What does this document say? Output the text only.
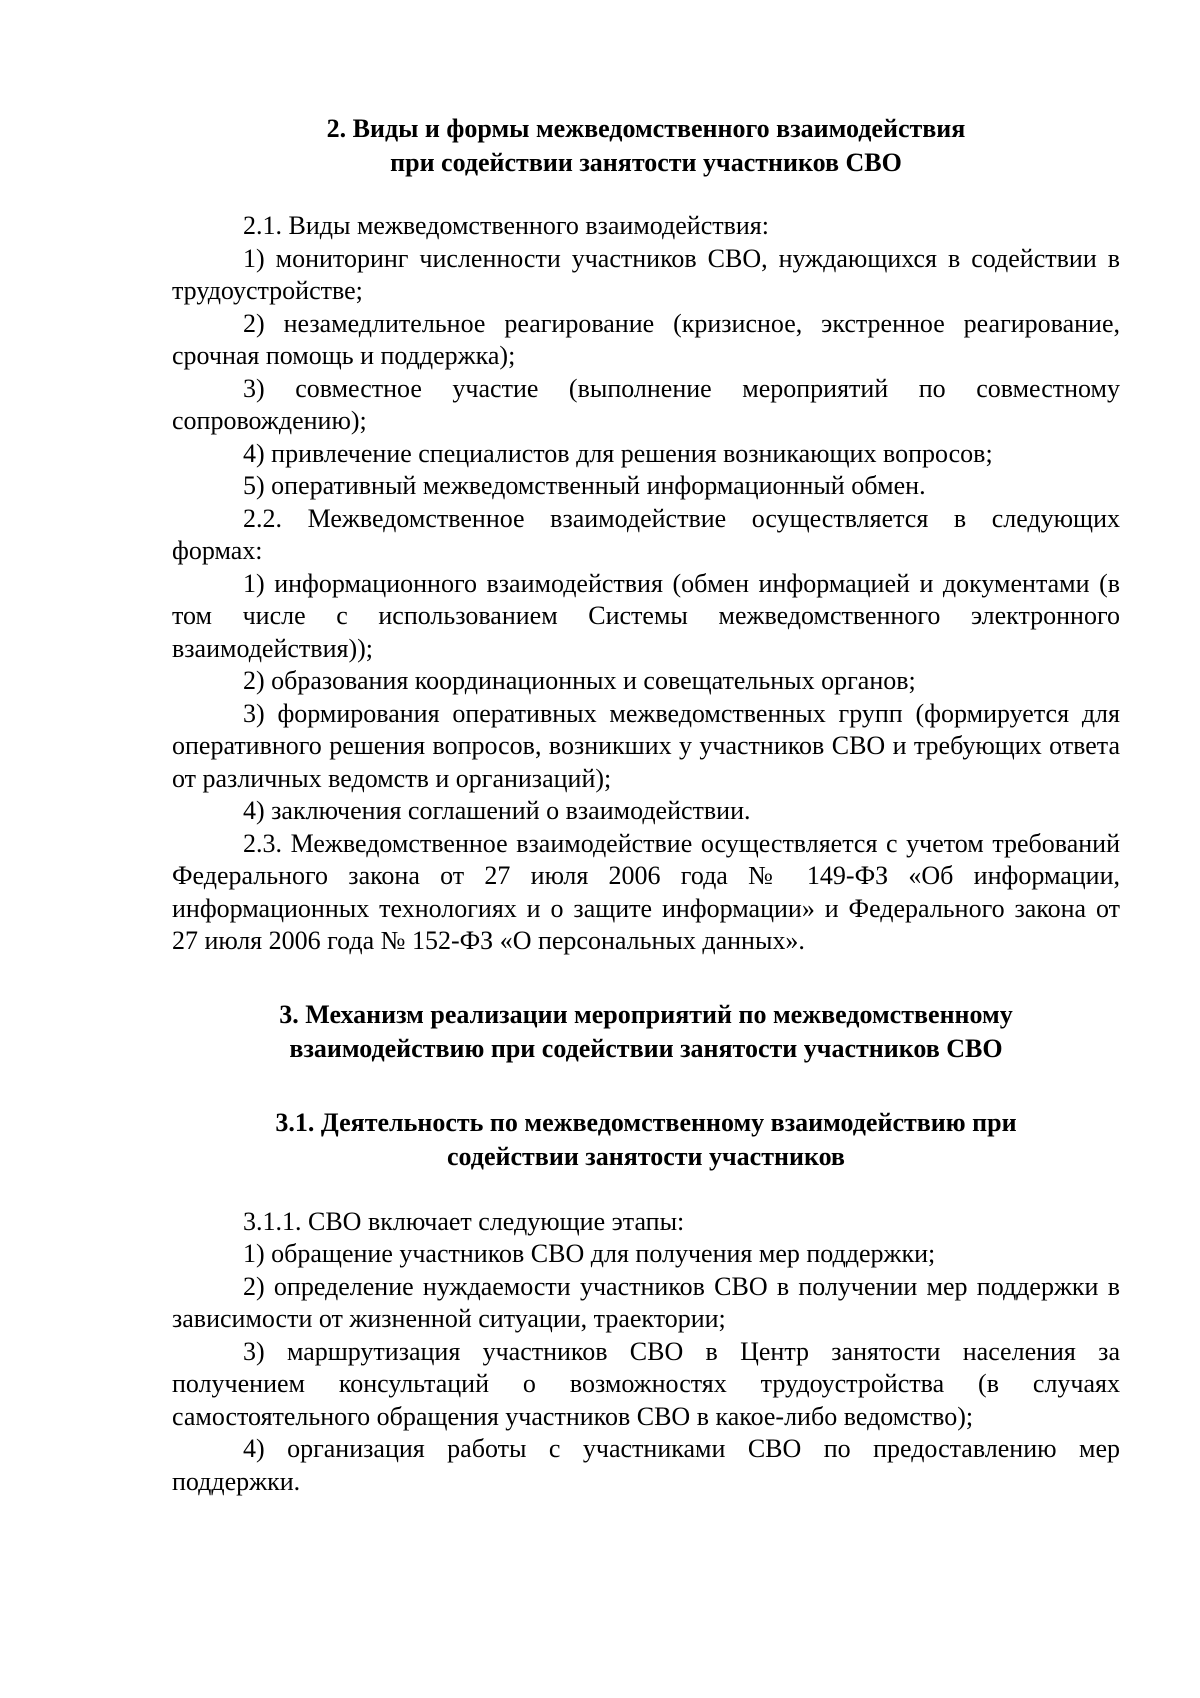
2. Виды и формы межведомственного взаимодействия
при содействии занятости участников СВО

2.1. Виды межведомственного взаимодействия:

1) мониторинг численности участников СВО, нуждающихся в содействии в трудоустройстве;

2) незамедлительное реагирование (кризисное, экстренное реагирование, срочная помощь и поддержка);

3) совместное участие (выполнение мероприятий по совместному сопровождению);

4) привлечение специалистов для решения возникающих вопросов;

5) оперативный межведомственный информационный обмен.

2.2. Межведомственное взаимодействие осуществляется в следующих формах:

1) информационного взаимодействия (обмен информацией и документами (в том числе с использованием Системы межведомственного электронного взаимодействия));

2) образования координационных и совещательных органов;

3) формирования оперативных межведомственных групп (формируется для оперативного решения вопросов, возникших у участников СВО и требующих ответа от различных ведомств и организаций);

4) заключения соглашений о взаимодействии.

2.3. Межведомственное взаимодействие осуществляется с учетом требований Федерального закона от 27 июля 2006 года № 149-ФЗ «Об информации, информационных технологиях и о защите информации» и Федерального закона от 27 июля 2006 года № 152-ФЗ «О персональных данных».

3. Механизм реализации мероприятий по межведомственному
взаимодействию при содействии занятости участников СВО
3.1. Деятельность по межведомственному взаимодействию при
содействии занятости участников

3.1.1. СВО включает следующие этапы:

1) обращение участников СВО для получения мер поддержки;

2) определение нуждаемости участников СВО в получении мер поддержки в зависимости от жизненной ситуации, траектории;

3) маршрутизация участников СВО в Центр занятости населения за получением консультаций о возможностях трудоустройства (в случаях самостоятельного обращения участников СВО в какое-либо ведомство);

4) организация работы с участниками СВО по предоставлению мер поддержки.
